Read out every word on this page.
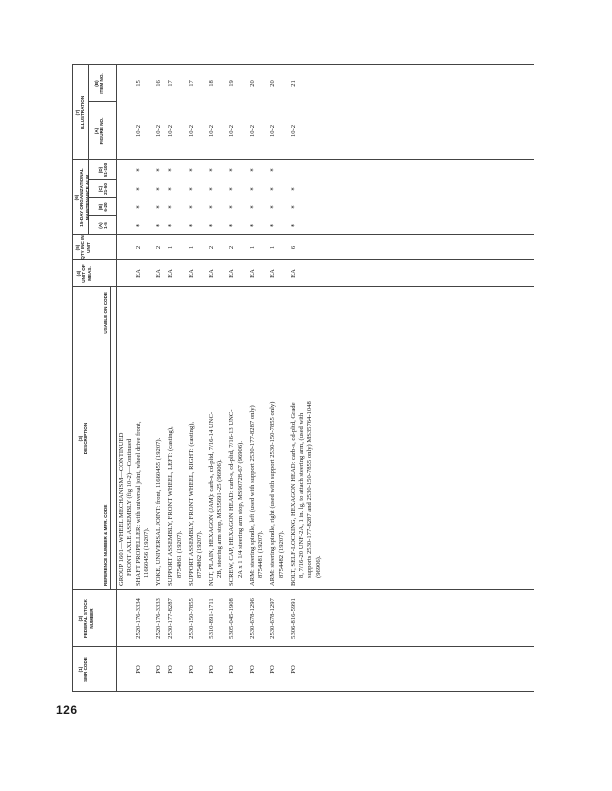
126
(1) SMR CODE
(2) FEDERAL STOCK NUMBER
(3) DESCRIPTION
(4) UNIT OF MEAS.
(5) QTY INC IN UNIT
(6) 15-DAY ORGANIZATIONAL MAINTENANCE ALW
(7) ILLUSTRATION
(A) 1-5
(B) 6-20
(C) 21-50
(D) 51-100
(A) FIGURE NO.
(B) ITEM NO.
REFERENCE NUMBER & MFR. CODE
USABLE ON CODE
GROUP 1601—WHEEL MECHANISM—CONTINUED FRONT AXLE ASSEMBLY (fig 10-2)—Continued
PO
2520-176-3334
SHAFT PROPELLER: with universal joint, wheel drive front, 11660456 (19207).
EA
2
*
*
*
*
10-2
15
PO
2520-176-3333
YOKE, UNIVERSAL JOINT: front, 11660455 (19207).
EA
2
*
*
*
*
10-2
16
PO
2530-177-8287
SUPPORT ASSEMBLY, FRONT WHEEL, LEFT: (casting), 8754861 (19207).
EA
1
*
*
*
*
10-2
17
PO
2530-150-7855
SUPPORT ASSEMBLY, FRONT WHEEL, RIGHT: (casting), 8754862 (19207).
EA
1
*
*
*
*
10-2
17
PO
5310-891-1711
NUT, PLAIN, HEXAGON (JAM): carb-s, cd-pltd, 7/16-14 UNC- 2B, steering arm stop, MS35691-25 (96906).
EA
2
*
*
*
*
10-2
18
PO
5305-045-1908
SCREW, CAP, HEXAGON HEAD: carb-s, cd-pltd, 7/16-13 UNC- 2A x 1 1/4 steering arm stop, MS90728-67 (96906).
EA
2
*
*
*
*
10-2
19
PO
2530-678-1296
ARM: steering spindle, left (used with support 2530-177-8287 only) 8754481 (19207).
EA
1
*
*
*
*
10-2
20
PO
2530-678-1297
ARM: steering spindle, right (used with support 2530-150-7855 only) 8754482 (19207).
EA
1
*
*
*
*
10-2
20
PO
5306-816-5991
BOLT, SELF-LOCKING, HEXAGON HEAD: carb-s, cd-pltd, Grade 8, 7/16-20 UNF-2A, 1 in. lg, to attach steering arm, (used with supports 2530-177-8287 and 2530-150-7855 only) MS35764-1048 (96906).
EA
6
*
*
*
10-2
21
